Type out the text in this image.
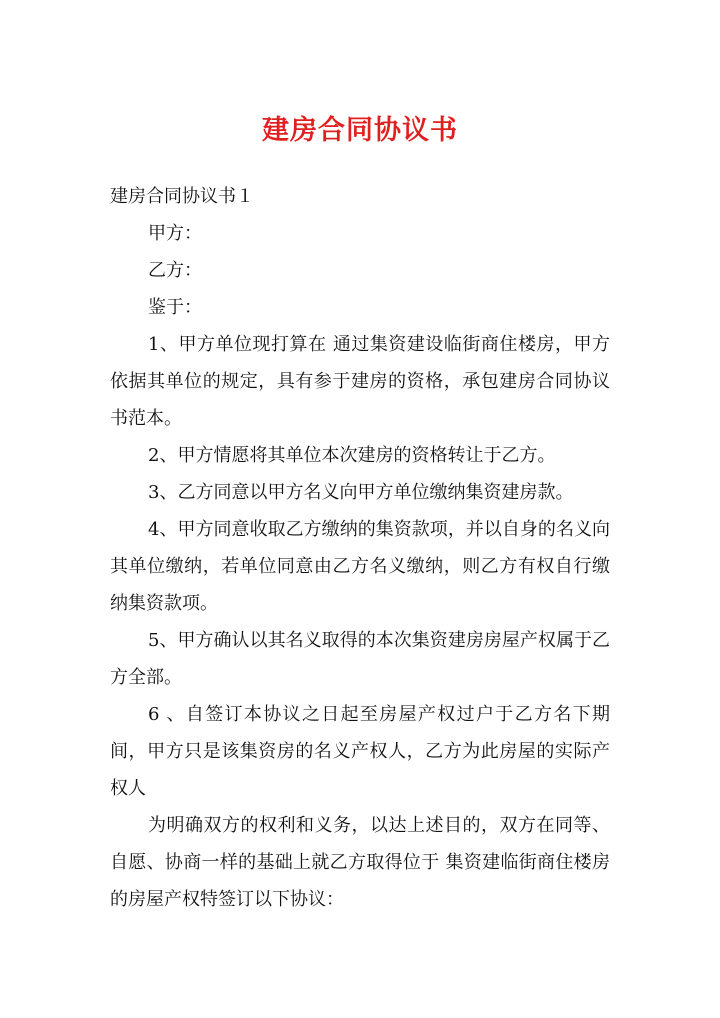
建房合同协议书

建房合同协议书１

甲方：

乙方：

鉴于：

1、甲方单位现打算在 通过集资建设临街商住楼房，甲方依据其单位的规定，具有参于建房的资格，承包建房合同协议书范本。

2、甲方情愿将其单位本次建房的资格转让于乙方。

3、乙方同意以甲方名义向甲方单位缴纳集资建房款。

4、甲方同意收取乙方缴纳的集资款项，并以自身的名义向其单位缴纳，若单位同意由乙方名义缴纳，则乙方有权自行缴纳集资款项。

5、甲方确认以其名义取得的本次集资建房房屋产权属于乙方全部。

6 、自签订本协议之日起至房屋产权过户于乙方名下期间，甲方只是该集资房的名义产权人，乙方为此房屋的实际产权人

为明确双方的权利和义务，以达上述目的，双方在同等、自愿、协商一样的基础上就乙方取得位于 集资建临街商住楼房的房屋产权特签订以下协议：
